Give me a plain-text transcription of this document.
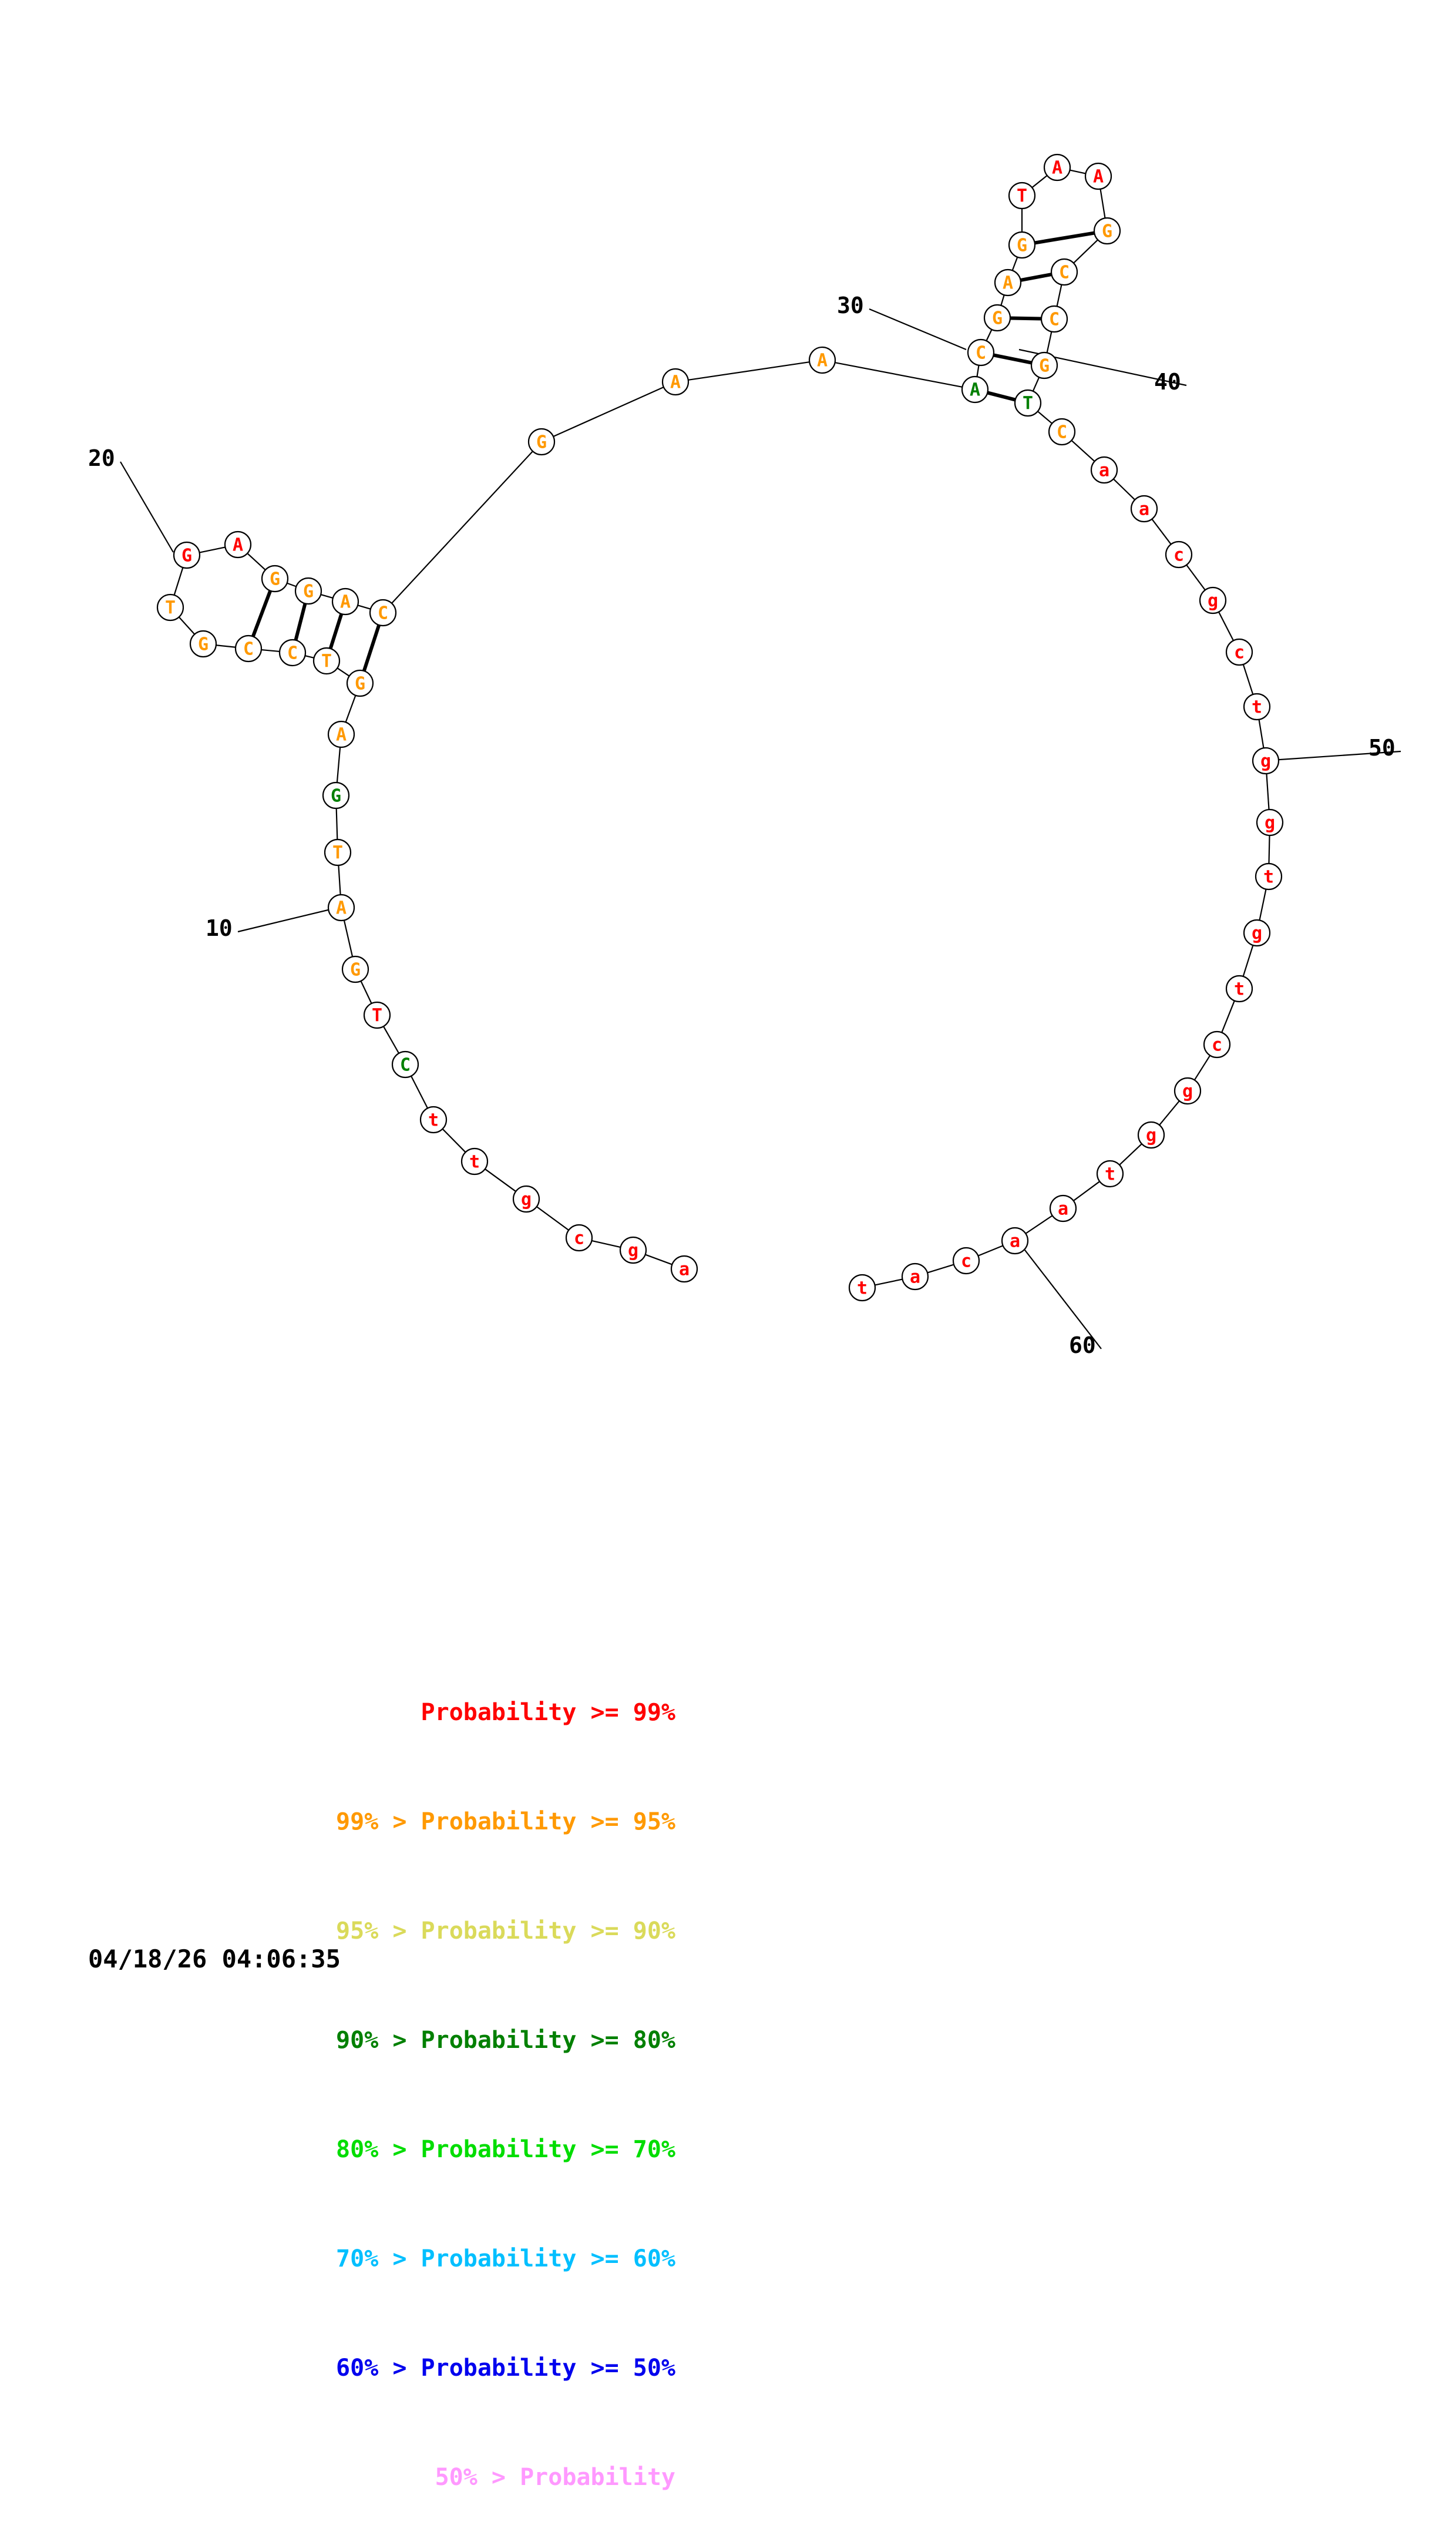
a
g
c
g
t
t
C
T
G
A
T
G
A
G
T
C
C
G
T
G
A
G
G
A
C
G
A
A
A
C
G
A
G
T
A A
G
C
C
G
T
C
a
a
c
g
c
t
g
g
t
g
t
c
g
g
t
a
a
c
a
t
10
20
30
40
50
60

Probability >= 99%

99% > Probability >= 95%

95% > Probability >= 90%

90% > Probability >= 80%

80% > Probability >= 70%

70% > Probability >= 60%

60% > Probability >= 50%

50% > Probability

04/18/26 04:06:35
